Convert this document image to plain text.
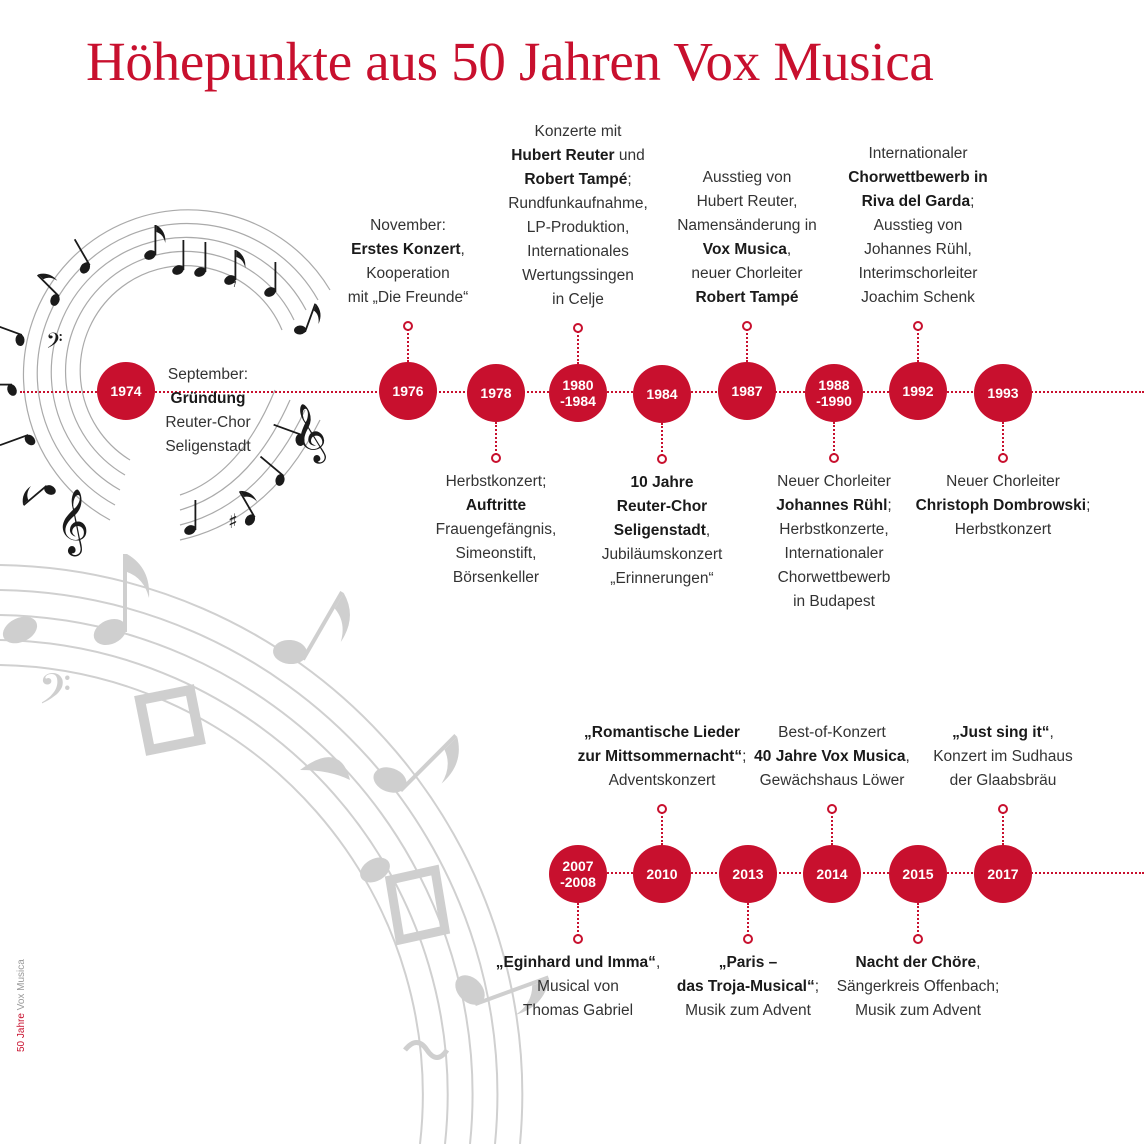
𝄢
𝄞
𝄞
𝄢
♯
𝄾
Höhepunkte aus 50 Jahren Vox Musica
1974
September:
Gründung
Reuter-Chor
Seligenstadt
1976
November:
Erstes Konzert,
Kooperation
mit „Die Freunde“
1978
Herbstkonzert;
Auftritte
Frauengefängnis,
Simeonstift,
Börsenkeller
1980
-1984
Konzerte mit
Hubert Reuter und
Robert Tampé;
Rundfunkaufnahme,
LP-Produktion,
Internationales
Wertungssingen
in Celje
1984
10 Jahre
Reuter-Chor
Seligenstadt,
Jubiläumskonzert
„Erinnerungen“
1987
Ausstieg von
Hubert Reuter,
Namensänderung in
Vox Musica,
neuer Chorleiter
Robert Tampé
1988
-1990
Neuer Chorleiter
Johannes Rühl;
Herbstkonzerte,
Internationaler
Chorwettbewerb
in Budapest
1992
Internationaler
Chorwettbewerb in
Riva del Garda;
Ausstieg von
Johannes Rühl,
Interimschorleiter
Joachim Schenk
1993
Neuer Chorleiter
Christoph Dombrowski;
Herbstkonzert
2007
-2008
„Eginhard und Imma“,
Musical von
Thomas Gabriel
2010
„Romantische Lieder
zur Mittsommernacht“;
Adventskonzert
2013
„Paris –
das Troja-Musical“;
Musik zum Advent
2014
Best-of-Konzert
40 Jahre Vox Musica,
Gewächshaus Löwer
2015
Nacht der Chöre,
Sängerkreis Offenbach;
Musik zum Advent
2017
„Just sing it“,
Konzert im Sudhaus
der Glaabsbräu
50 Jahre Vox Musica
